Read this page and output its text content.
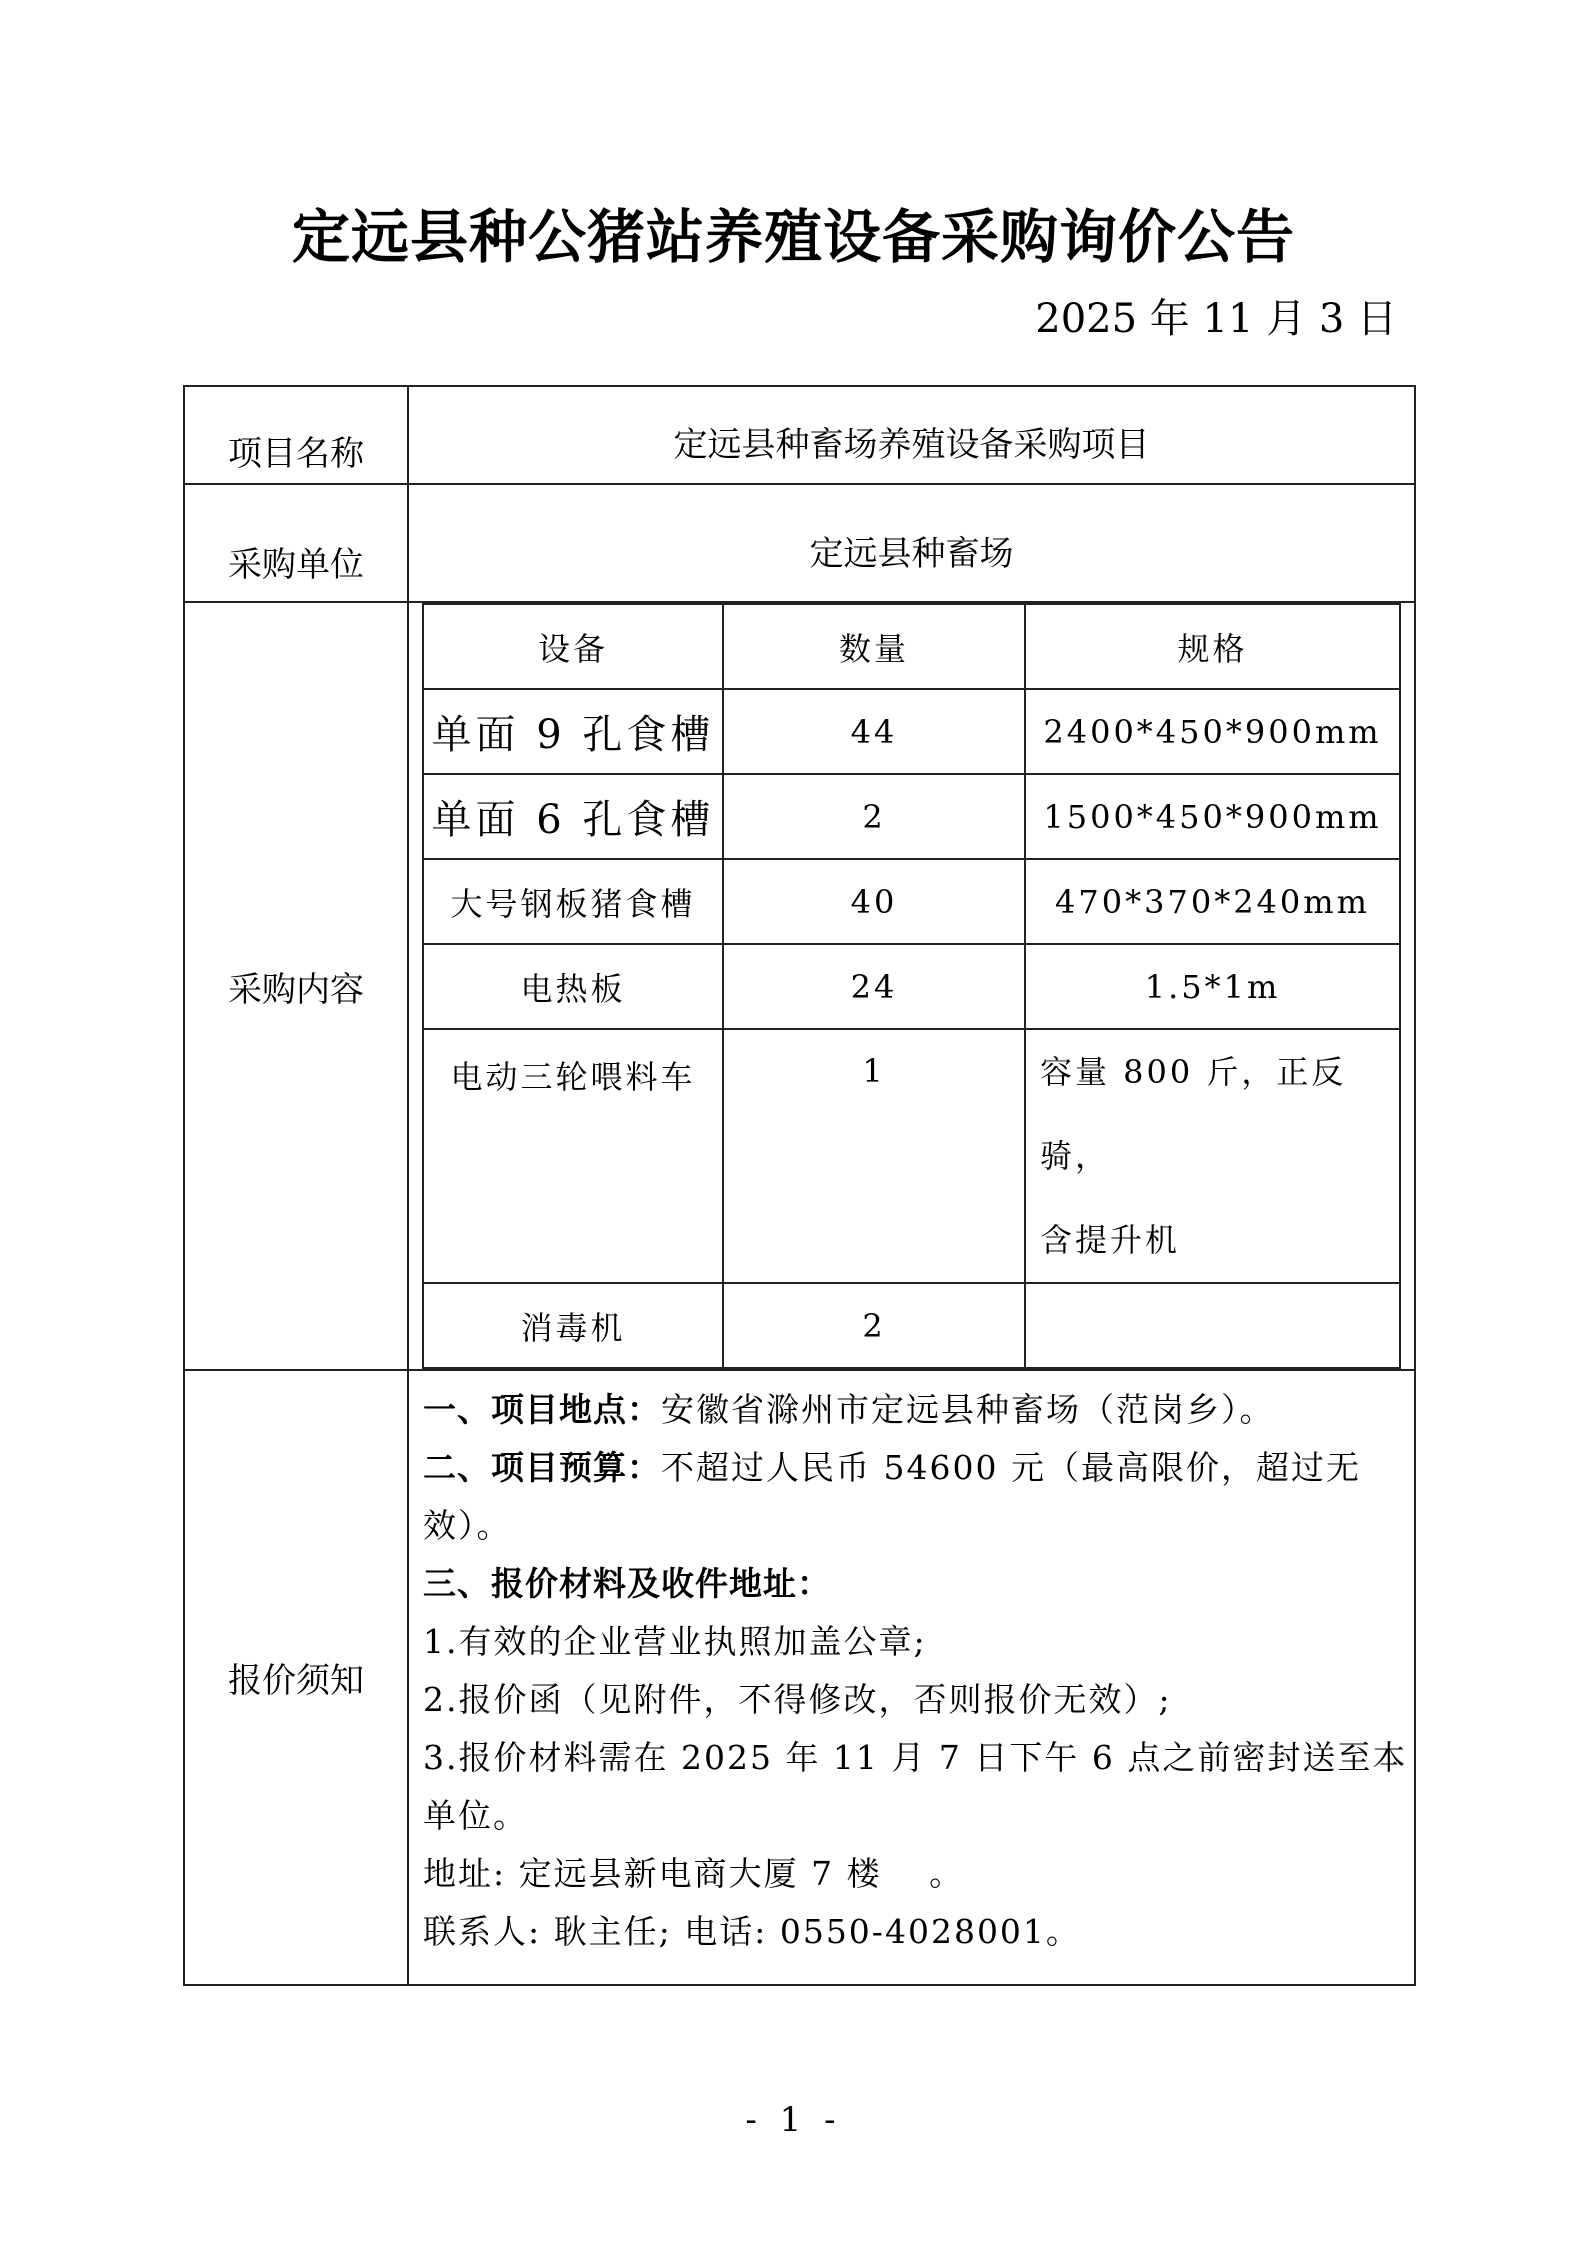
定远县种公猪站养殖设备采购询价公告
2025 年 11 月 3 日
项目名称	定远县种畜场养殖设备采购项目
采购单位	定远县种畜场
采购内容	
设备	数量	规格
单面 9 孔食槽	44	2400*450*900mm
单面 6 孔食槽	2	1500*450*900mm
大号钢板猪食槽	40	470*370*240mm
电热板	24	1.5*1m
电动三轮喂料车	1	容量 800 斤，正反骑，
含提升机

消毒机	2	

报价须知	
一、项目地点：安徽省滁州市定远县种畜场（范岗乡）。
二、项目预算：不超过人民币 54600 元（最高限价，超过无
效）。
三、报价材料及收件地址：
1.有效的企业营业执照加盖公章;
2.报价函（见附件，不得修改，否则报价无效）;
3.报价材料需在 2025 年 11 月 7 日下午 6 点之前密封送至本
单位。
地址: 定远县新电商大厦 7 楼　 。
联系人: 耿主任; 电话: 0550-4028001。
- 1 -
